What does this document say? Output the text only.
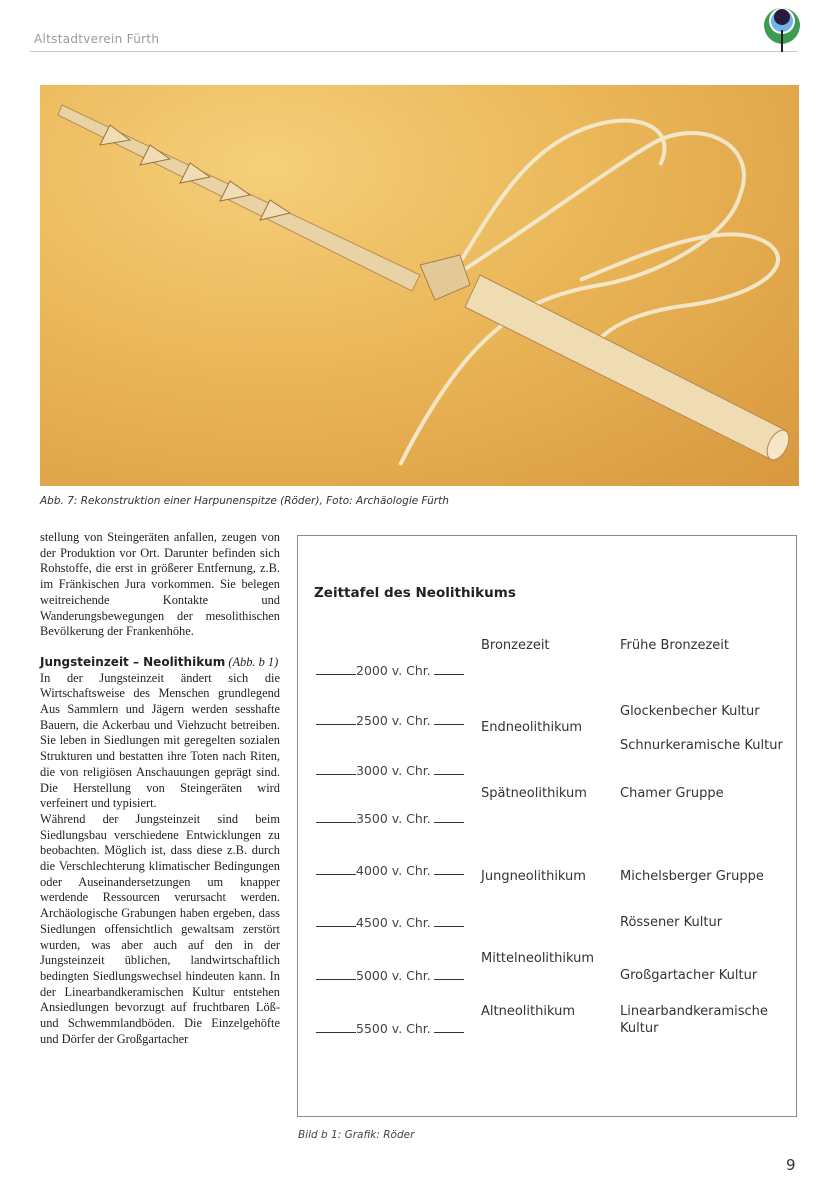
Altstadtverein Fürth
Abb. 7: Rekonstruktion einer Harpunenspitze (Röder), Foto: Archäologie Fürth

stellung von Steingeräten anfallen, zeugen von der Produktion vor Ort. Darunter befinden sich Rohstoffe, die erst in größerer Entfernung, z.B. im Fränkischen Jura vorkommen. Sie belegen weitreichende Kontakte und Wanderungsbewegungen der mesolithischen Bevölkerung der Frankenhöhe.

Jungsteinzeit – Neolithikum (Abb. b 1)

In der Jungsteinzeit ändert sich die Wirtschaftsweise des Menschen grundlegend Aus Sammlern und Jägern werden sesshafte Bauern, die Ackerbau und Viehzucht betreiben. Sie leben in Siedlungen mit geregelten sozialen Strukturen und bestatten ihre Toten nach Riten, die von religiösen Anschauungen geprägt sind. Die Herstellung von Steingeräten wird verfeinert und typisiert.

Während der Jungsteinzeit sind beim Siedlungsbau verschiedene Entwicklungen zu beobachten. Möglich ist, dass diese z.B. durch die Verschlechterung klimatischer Bedingungen oder Auseinandersetzungen um knapper werdende Ressourcen verursacht werden. Archäologische Grabungen haben ergeben, dass Siedlungen offensichtlich gewaltsam zerstört wurden, was aber auch auf den in der Jungsteinzeit üblichen, landwirtschaftlich bedingten Siedlungswechsel hindeuten kann. In der Linearbandkeramischen Kultur entstehen Ansiedlungen bevorzugt auf fruchtbaren Löß- und Schwemmlandböden. Die Einzelgehöfte und Dörfer der Großgartacher

Zeittafel des Neolithikums
2000 v. Chr.
2500 v. Chr.
3000 v. Chr.
3500 v. Chr.
4000 v. Chr.
4500 v. Chr.
5000 v. Chr.
5500 v. Chr.
Bronzezeit
Endneolithikum
Spätneolithikum
Jungneolithikum
Mittelneolithikum
Altneolithikum
Frühe Bronzezeit
Glockenbecher Kultur
Schnurkeramische Kultur
Chamer Gruppe
Michelsberger Gruppe
Rössener Kultur
Großgartacher Kultur
Linearbandkeramische
Kultur
Bild b 1: Grafik: Röder
9
